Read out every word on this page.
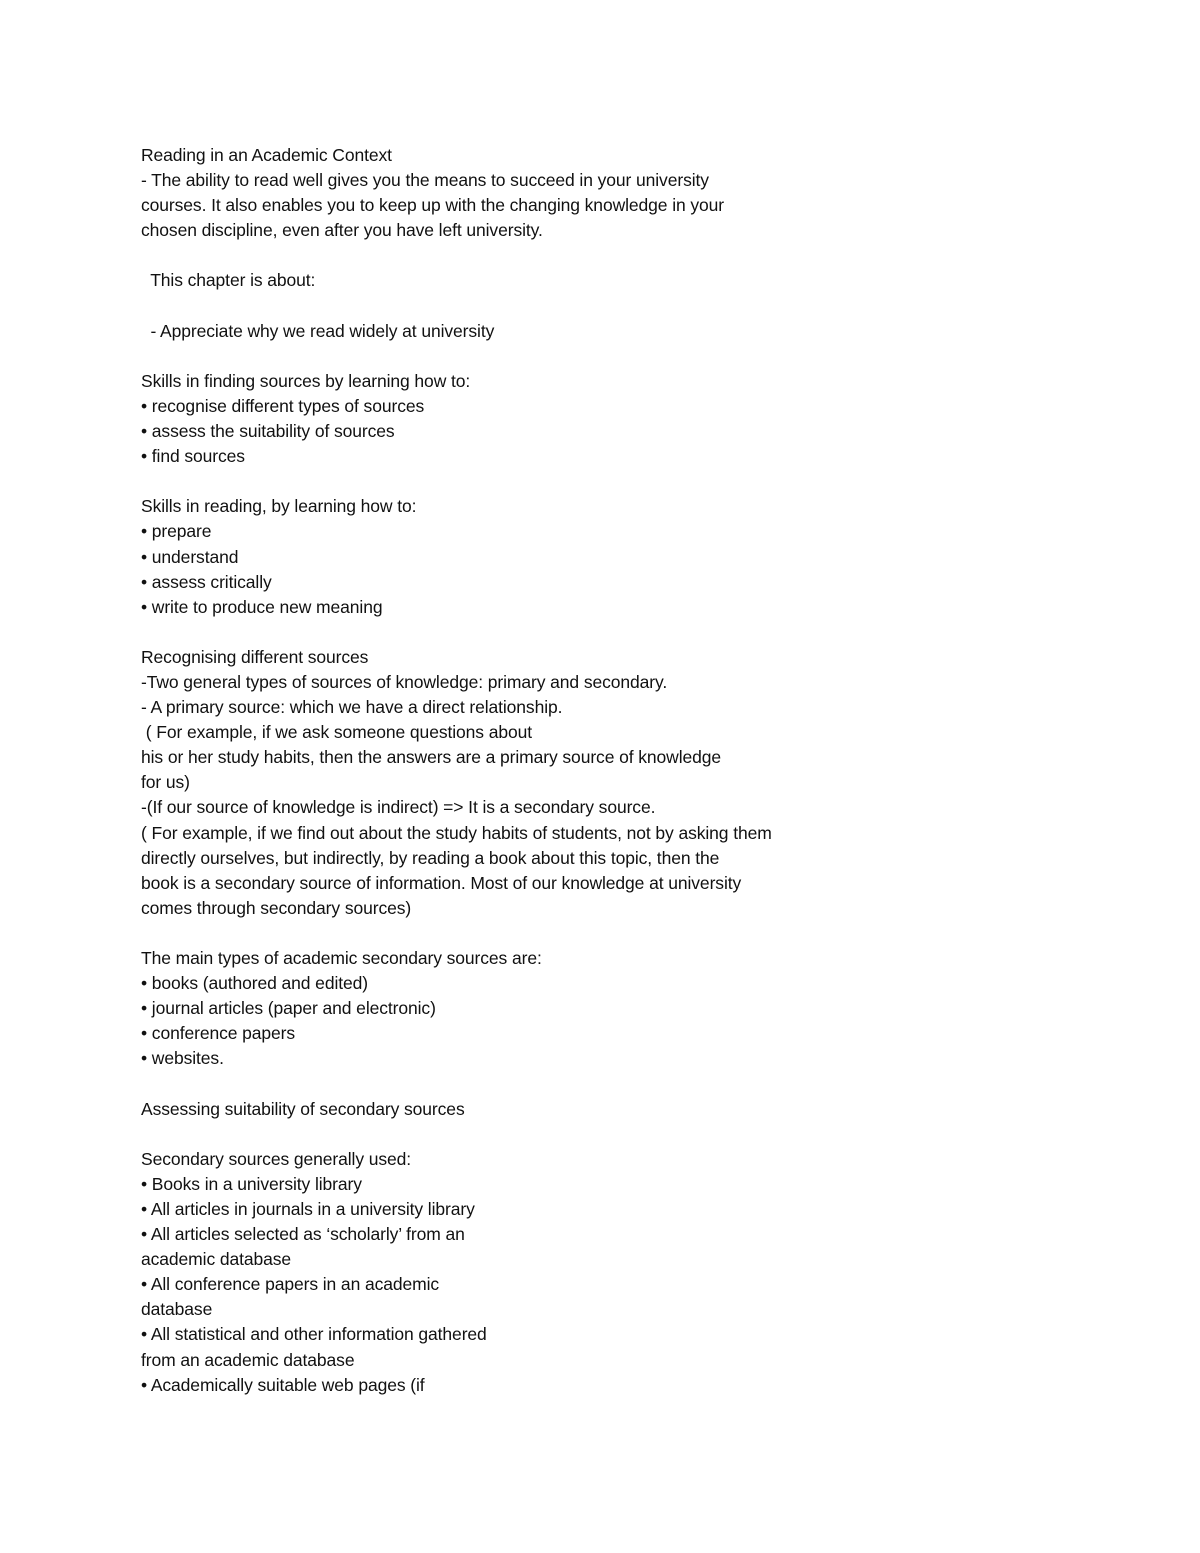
Reading in an Academic Context
- The ability to read well gives you the means to succeed in your university
courses. It also enables you to keep up with the changing knowledge in your
chosen discipline, even after you have left university.
This chapter is about:
- Appreciate why we read widely at university
Skills in finding sources by learning how to:
• recognise different types of sources
• assess the suitability of sources
• find sources
Skills in reading, by learning how to:
• prepare
• understand
• assess critically
• write to produce new meaning
Recognising different sources
-Two general types of sources of knowledge: primary and secondary.
- A primary source: which we have a direct relationship.
( For example, if we ask someone questions about
his or her study habits, then the answers are a primary source of knowledge
for us)
-(If our source of knowledge is indirect) => It is a secondary source.
( For example, if we find out about the study habits of students, not by asking them
directly ourselves, but indirectly, by reading a book about this topic, then the
book is a secondary source of information. Most of our knowledge at university
comes through secondary sources)
The main types of academic secondary sources are:
• books (authored and edited)
• journal articles (paper and electronic)
• conference papers
• websites.
Assessing suitability of secondary sources
Secondary sources generally used:
• Books in a university library
• All articles in journals in a university library
• All articles selected as ‘scholarly’ from an
academic database
• All conference papers in an academic
database
• All statistical and other information gathered
from an academic database
• Academically suitable web pages (if
